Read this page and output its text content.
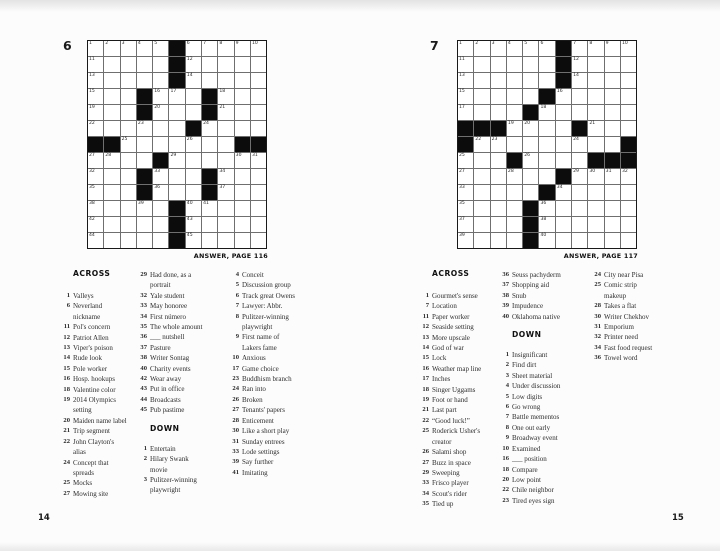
6	1	2	3	4	5	6	7	8	9	10
11	12
13	14
15	16 17	18
19	20	21
22	23	24
25	26
27 28	29	30 31
32	33	34
35	36	37
38	39	40 41
42	43
44	45
ANSWER, PAGE 116
ACROSS
1 Valleys
6 Neverland nickname
11 Pol's concern
12 Patriot Allen
13 Viper's poison
14 Rude look
15 Pole worker
16 Hosp. hookups
18 Valentine color
19 2014 Olympics setting
20 Maiden name label
21 Trip segment
22 John Clayton's alias
24 Concept that spreads
25 Mocks
27 Mowing site
29 Had done, as a portrait
32 Yale student
33 May honoree
34 First número
35 The whole amount
36 ___ nutshell
37 Pasture
38 Writer Sontag
40 Charity events
42 Wear away
43 Put in office
44 Broadcasts
45 Pub pastime
DOWN
1 Entertain
2 Hilary Swank movie
3 Pulitzer-winning playwright
4 Conceit
5 Discussion group
6 Track great Owens
7 Lawyer: Abbr.
8 Pulitzer-winning playwright
9 First name of Lakers fame
10 Anxious
17 Game choice
23 Buddhism branch
24 Ran into
26 Broken
27 Tenants' papers
28 Enticement
30 Like a short play
31 Sunday entrees
33 Lode settings
39 Say further
41 Imitating
14
7	1	2	3	4	5	6	7	8	9	10
11	12
13	14
15	16
17	18
19 20	21
22 23	24
25	26
27	28	29 30 31 32
33	34
35	36
37	38
39	40
ANSWER, PAGE 117
ACROSS
1 Gourmet's sense
7 Location
11 Paper worker
12 Seaside setting
13 More upscale
14 God of war
15 Lock
16 Weather map line
17 Inches
18 Singer Uggams
19 Foot or hand
21 Last part
22 “Good luck!”
25 Roderick Usher's creator
26 Salami shop
27 Buzz in space
29 Sweeping
33 Frisco player
34 Scout's rider
35 Tied up
36 Seuss pachyderm
37 Shopping aid
38 Snub
39 Impudence
40 Oklahoma native
DOWN
1 Insignificant
2 Find dirt
3 Sheet material
4 Under discussion
5 Low digits
6 Go wrong
7 Battle mementos
8 One out early
9 Broadway event
10 Examined
16 ___ position
18 Compare
20 Low point
22 Chile neighbor
23 Tired eyes sign
24 City near Pisa
25 Comic strip makeup
28 Takes a flat
30 Writer Chekhov
31 Emporium
32 Printer need
34 Fast food request
36 Towel word
15
